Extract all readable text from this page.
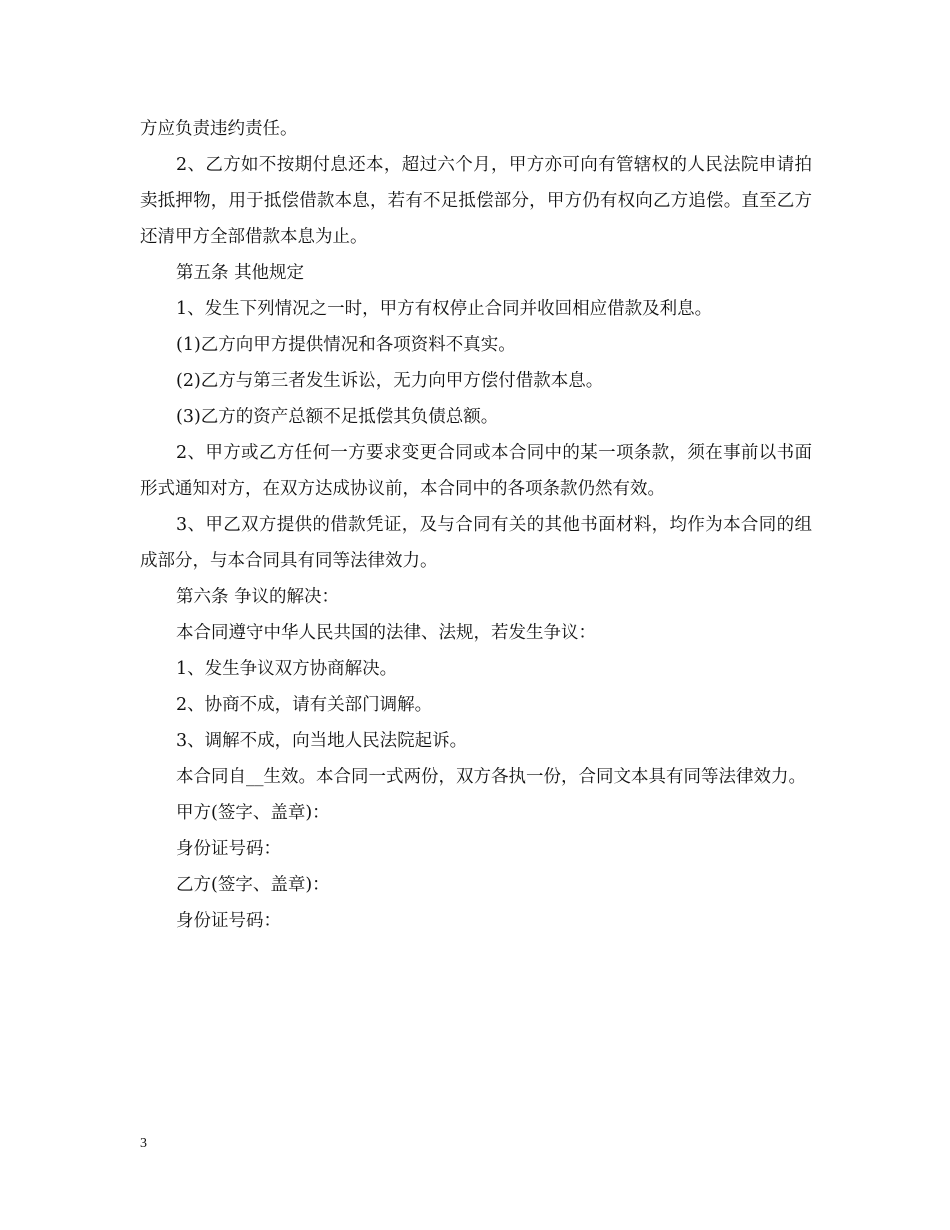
方应负责违约责任。

2、乙方如不按期付息还本，超过六个月，甲方亦可向有管辖权的人民法院申请拍卖抵押物，用于抵偿借款本息，若有不足抵偿部分，甲方仍有权向乙方追偿。直至乙方还清甲方全部借款本息为止。

第五条 其他规定

1、发生下列情况之一时，甲方有权停止合同并收回相应借款及利息。

(1)乙方向甲方提供情况和各项资料不真实。

(2)乙方与第三者发生诉讼，无力向甲方偿付借款本息。

(3)乙方的资产总额不足抵偿其负债总额。

2、甲方或乙方任何一方要求变更合同或本合同中的某一项条款，须在事前以书面形式通知对方，在双方达成协议前，本合同中的各项条款仍然有效。

3、甲乙双方提供的借款凭证，及与合同有关的其他书面材料，均作为本合同的组成部分，与本合同具有同等法律效力。

第六条 争议的解决：

本合同遵守中华人民共国的法律、法规，若发生争议：

1、发生争议双方协商解决。

2、协商不成，请有关部门调解。

3、调解不成，向当地人民法院起诉。

本合同自__生效。本合同一式两份，双方各执一份，合同文本具有同等法律效力。

甲方(签字、盖章)：

身份证号码：

乙方(签字、盖章)：

身份证号码：

3
